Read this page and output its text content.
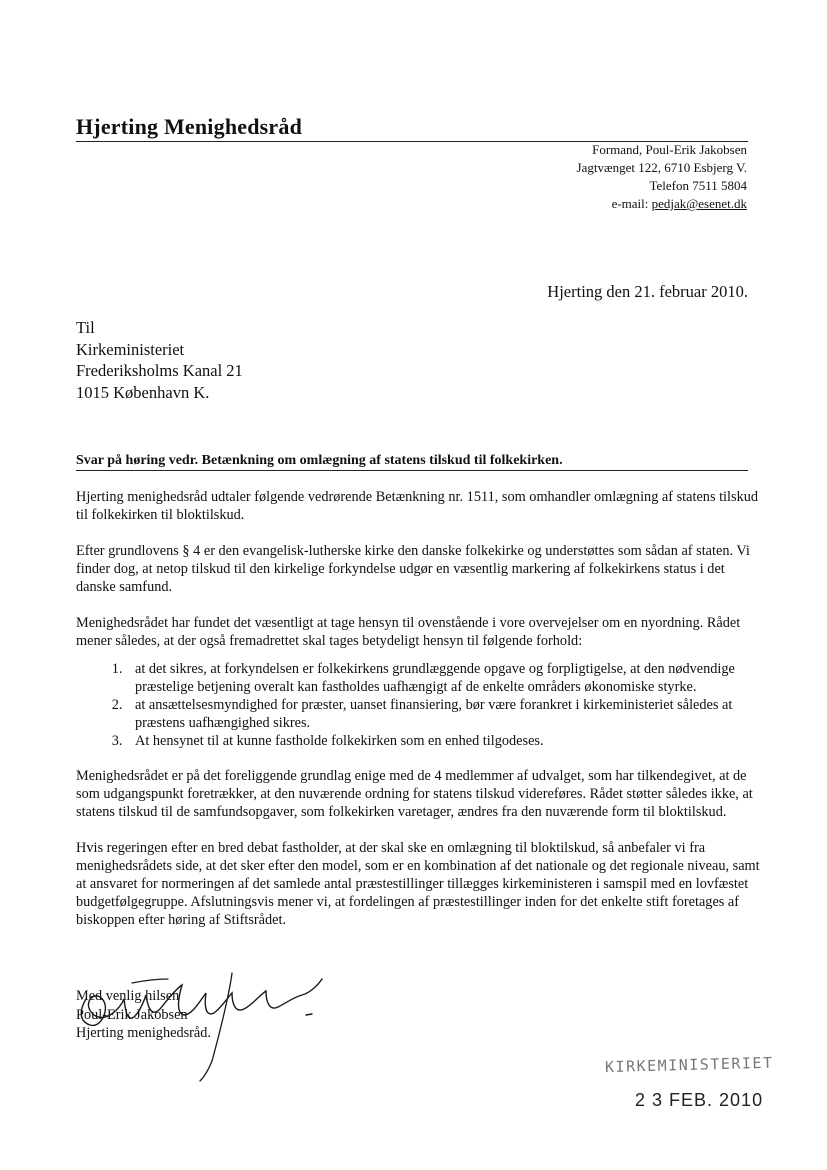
Hjerting Menighedsråd
Formand, Poul-Erik Jakobsen
Jagtvænget 122, 6710 Esbjerg V.
Telefon 7511 5804
e-mail: pedjak@esenet.dk
Hjerting den 21. februar 2010.
Til
Kirkeministeriet
Frederiksholms Kanal 21
1015 København K.
Svar på høring vedr. Betænkning om omlægning af statens tilskud til folkekirken.

Hjerting menighedsråd udtaler følgende vedrørende Betænkning nr. 1511, som omhandler omlægning af statens tilskud til folkekirken til bloktilskud.

Efter grundlovens § 4 er den evangelisk-lutherske kirke den danske folkekirke og understøttes som sådan af staten. Vi finder dog, at netop tilskud til den kirkelige forkyndelse udgør en væsentlig markering af folkekirkens status i det danske samfund.

Menighedsrådet har fundet det væsentligt at tage hensyn til ovenstående i vore overvejelser om en nyordning. Rådet mener således, at der også fremadrettet skal tages betydeligt hensyn til følgende forhold:

1. at det sikres, at forkyndelsen er folkekirkens grundlæggende opgave og forpligtigelse, at den nødvendige præstelige betjening overalt kan fastholdes uafhængigt af de enkelte områders økonomiske styrke.
2. at ansættelsesmyndighed for præster, uanset finansiering, bør være forankret i kirkeministeriet således at præstens uafhængighed sikres.
3. At hensynet til at kunne fastholde folkekirken som en enhed tilgodeses.

Menighedsrådet er på det foreliggende grundlag enige med de 4 medlemmer af udvalget, som har tilkendegivet, at de som udgangspunkt foretrækker, at den nuværende ordning for statens tilskud videreføres. Rådet støtter således ikke, at statens tilskud til de samfundsopgaver, som folkekirken varetager, ændres fra den nuværende form til bloktilskud.

Hvis regeringen efter en bred debat fastholder, at der skal ske en omlægning til bloktilskud, så anbefaler vi fra menighedsrådets side, at det sker efter den model, som er en kombination af det nationale og det regionale niveau, samt at ansvaret for normeringen af det samlede antal præstestillinger tillægges kirkeministeren i samspil med en lovfæstet budgetfølgegruppe. Afslutningsvis mener vi, at fordelingen af præstestillinger inden for det enkelte stift foretages af biskoppen efter høring af Stiftsrådet.

Med venlig hilsen
Poul-Erik Jakobsen
Hjerting menighedsråd.
KIRKEMINISTERIET
2 3 FEB. 2010
